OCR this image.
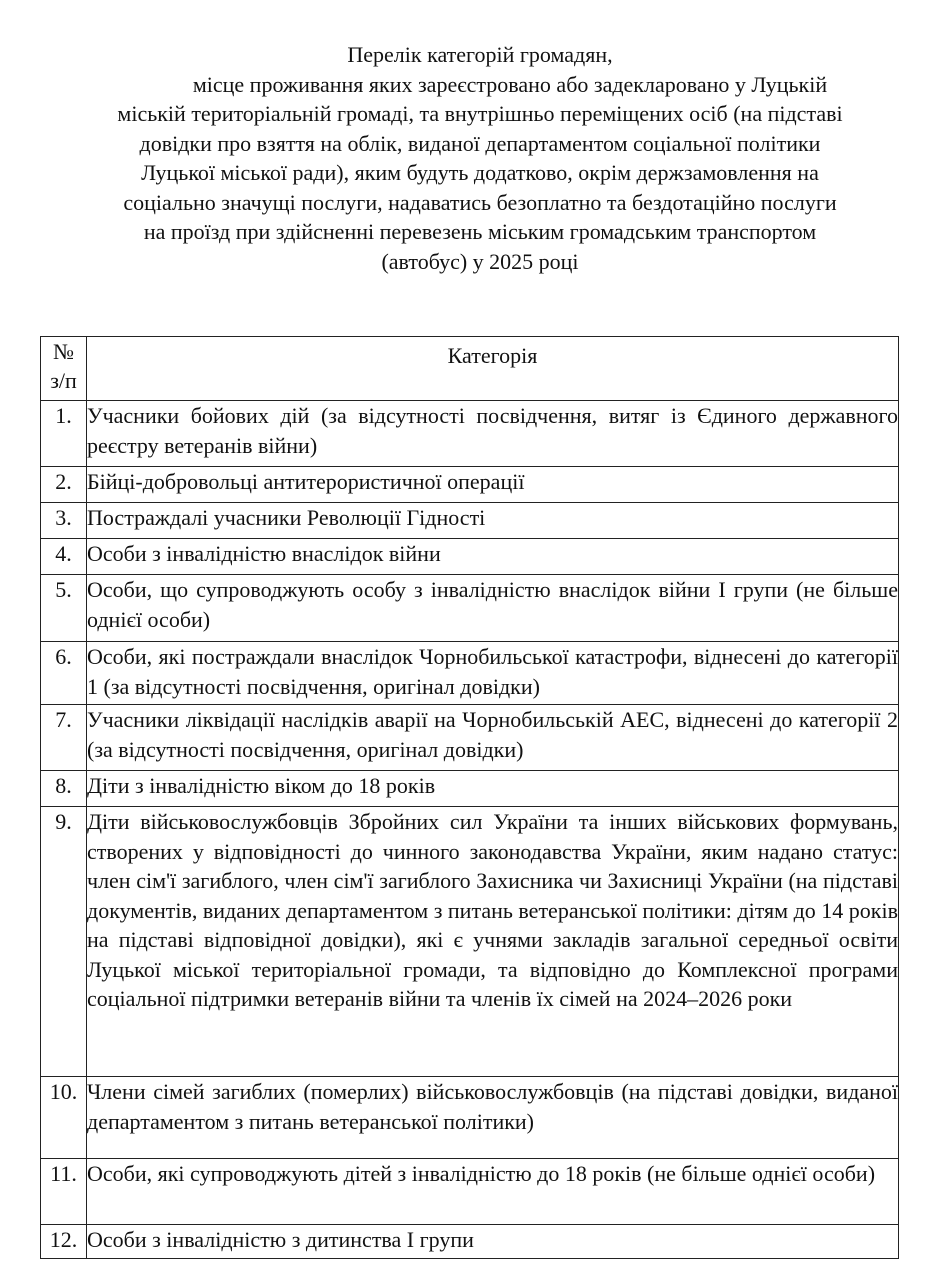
Перелік категорій громадян,
місце проживання яких зареєстровано або задекларовано у Луцькій
міській територіальній громаді, та внутрішньо переміщених осіб (на підставі
довідки про взяття на облік, виданої департаментом соціальної політики
Луцької міської ради), яким будуть додатково, окрім держзамовлення на
соціально значущі послуги, надаватись безоплатно та бездотаційно послуги
на проїзд при здійсненні перевезень міським громадським транспортом
(автобус) у 2025 році
№
з/п	Категорія
1.	Учасники бойових дій (за відсутності посвідчення, витяг із Єдиного державного реєстру ветеранів війни)
2.	Бійці-добровольці антитерористичної операції
3.	Постраждалі учасники Революції Гідності
4.	Особи з інвалідністю внаслідок війни
5.	Особи, що супроводжують особу з інвалідністю внаслідок війни I групи (не більше однієї особи)
6.	Особи, які постраждали внаслідок Чорнобильської катастрофи, віднесені до категорії 1 (за відсутності посвідчення, оригінал довідки)
7.	Учасники ліквідації наслідків аварії на Чорнобильській АЕС, віднесені до категорії 2 (за відсутності посвідчення, оригінал довідки)
8.	Діти з інвалідністю віком до 18 років
9.	Діти військовослужбовців Збройних сил України та інших військових формувань, створених у відповідності до чинного законодавства України, яким надано статус: член сім'ї загиблого, член сім'ї загиблого Захисника чи Захисниці України (на підставі документів, виданих департаментом з питань ветеранської політики: дітям до 14 років на підставі відповідної довідки), які є учнями закладів загальної середньої освіти Луцької міської територіальної громади, та відповідно до Комплексної програми соціальної підтримки ветеранів війни та членів їх сімей на 2024–2026 роки
10.	Члени сімей загиблих (померлих) військовослужбовців (на підставі довідки, виданої департаментом з питань ветеранської політики)
11.	Особи, які супроводжують дітей з інвалідністю до 18 років (не більше однієї особи)
12.	Особи з інвалідністю з дитинства I групи
